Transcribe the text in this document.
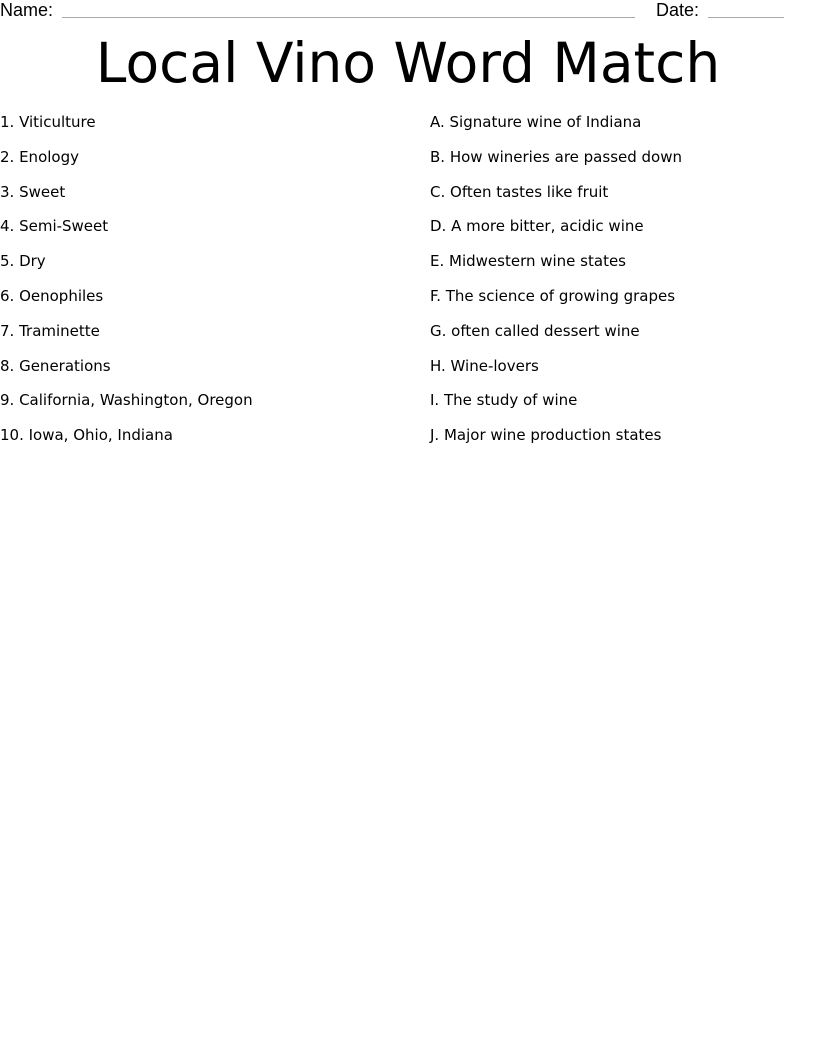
Name:	Date:
Local Vino Word Match
1. Viticulture
2. Enology
3. Sweet
4. Semi-Sweet
5. Dry
6. Oenophiles
7. Traminette
8. Generations
9. California, Washington, Oregon
10. Iowa, Ohio, Indiana
A. Signature wine of Indiana
B. How wineries are passed down
C. Often tastes like fruit
D. A more bitter, acidic wine
E. Midwestern wine states
F. The science of growing grapes
G. often called dessert wine
H. Wine-lovers
I. The study of wine
J. Major wine production states
